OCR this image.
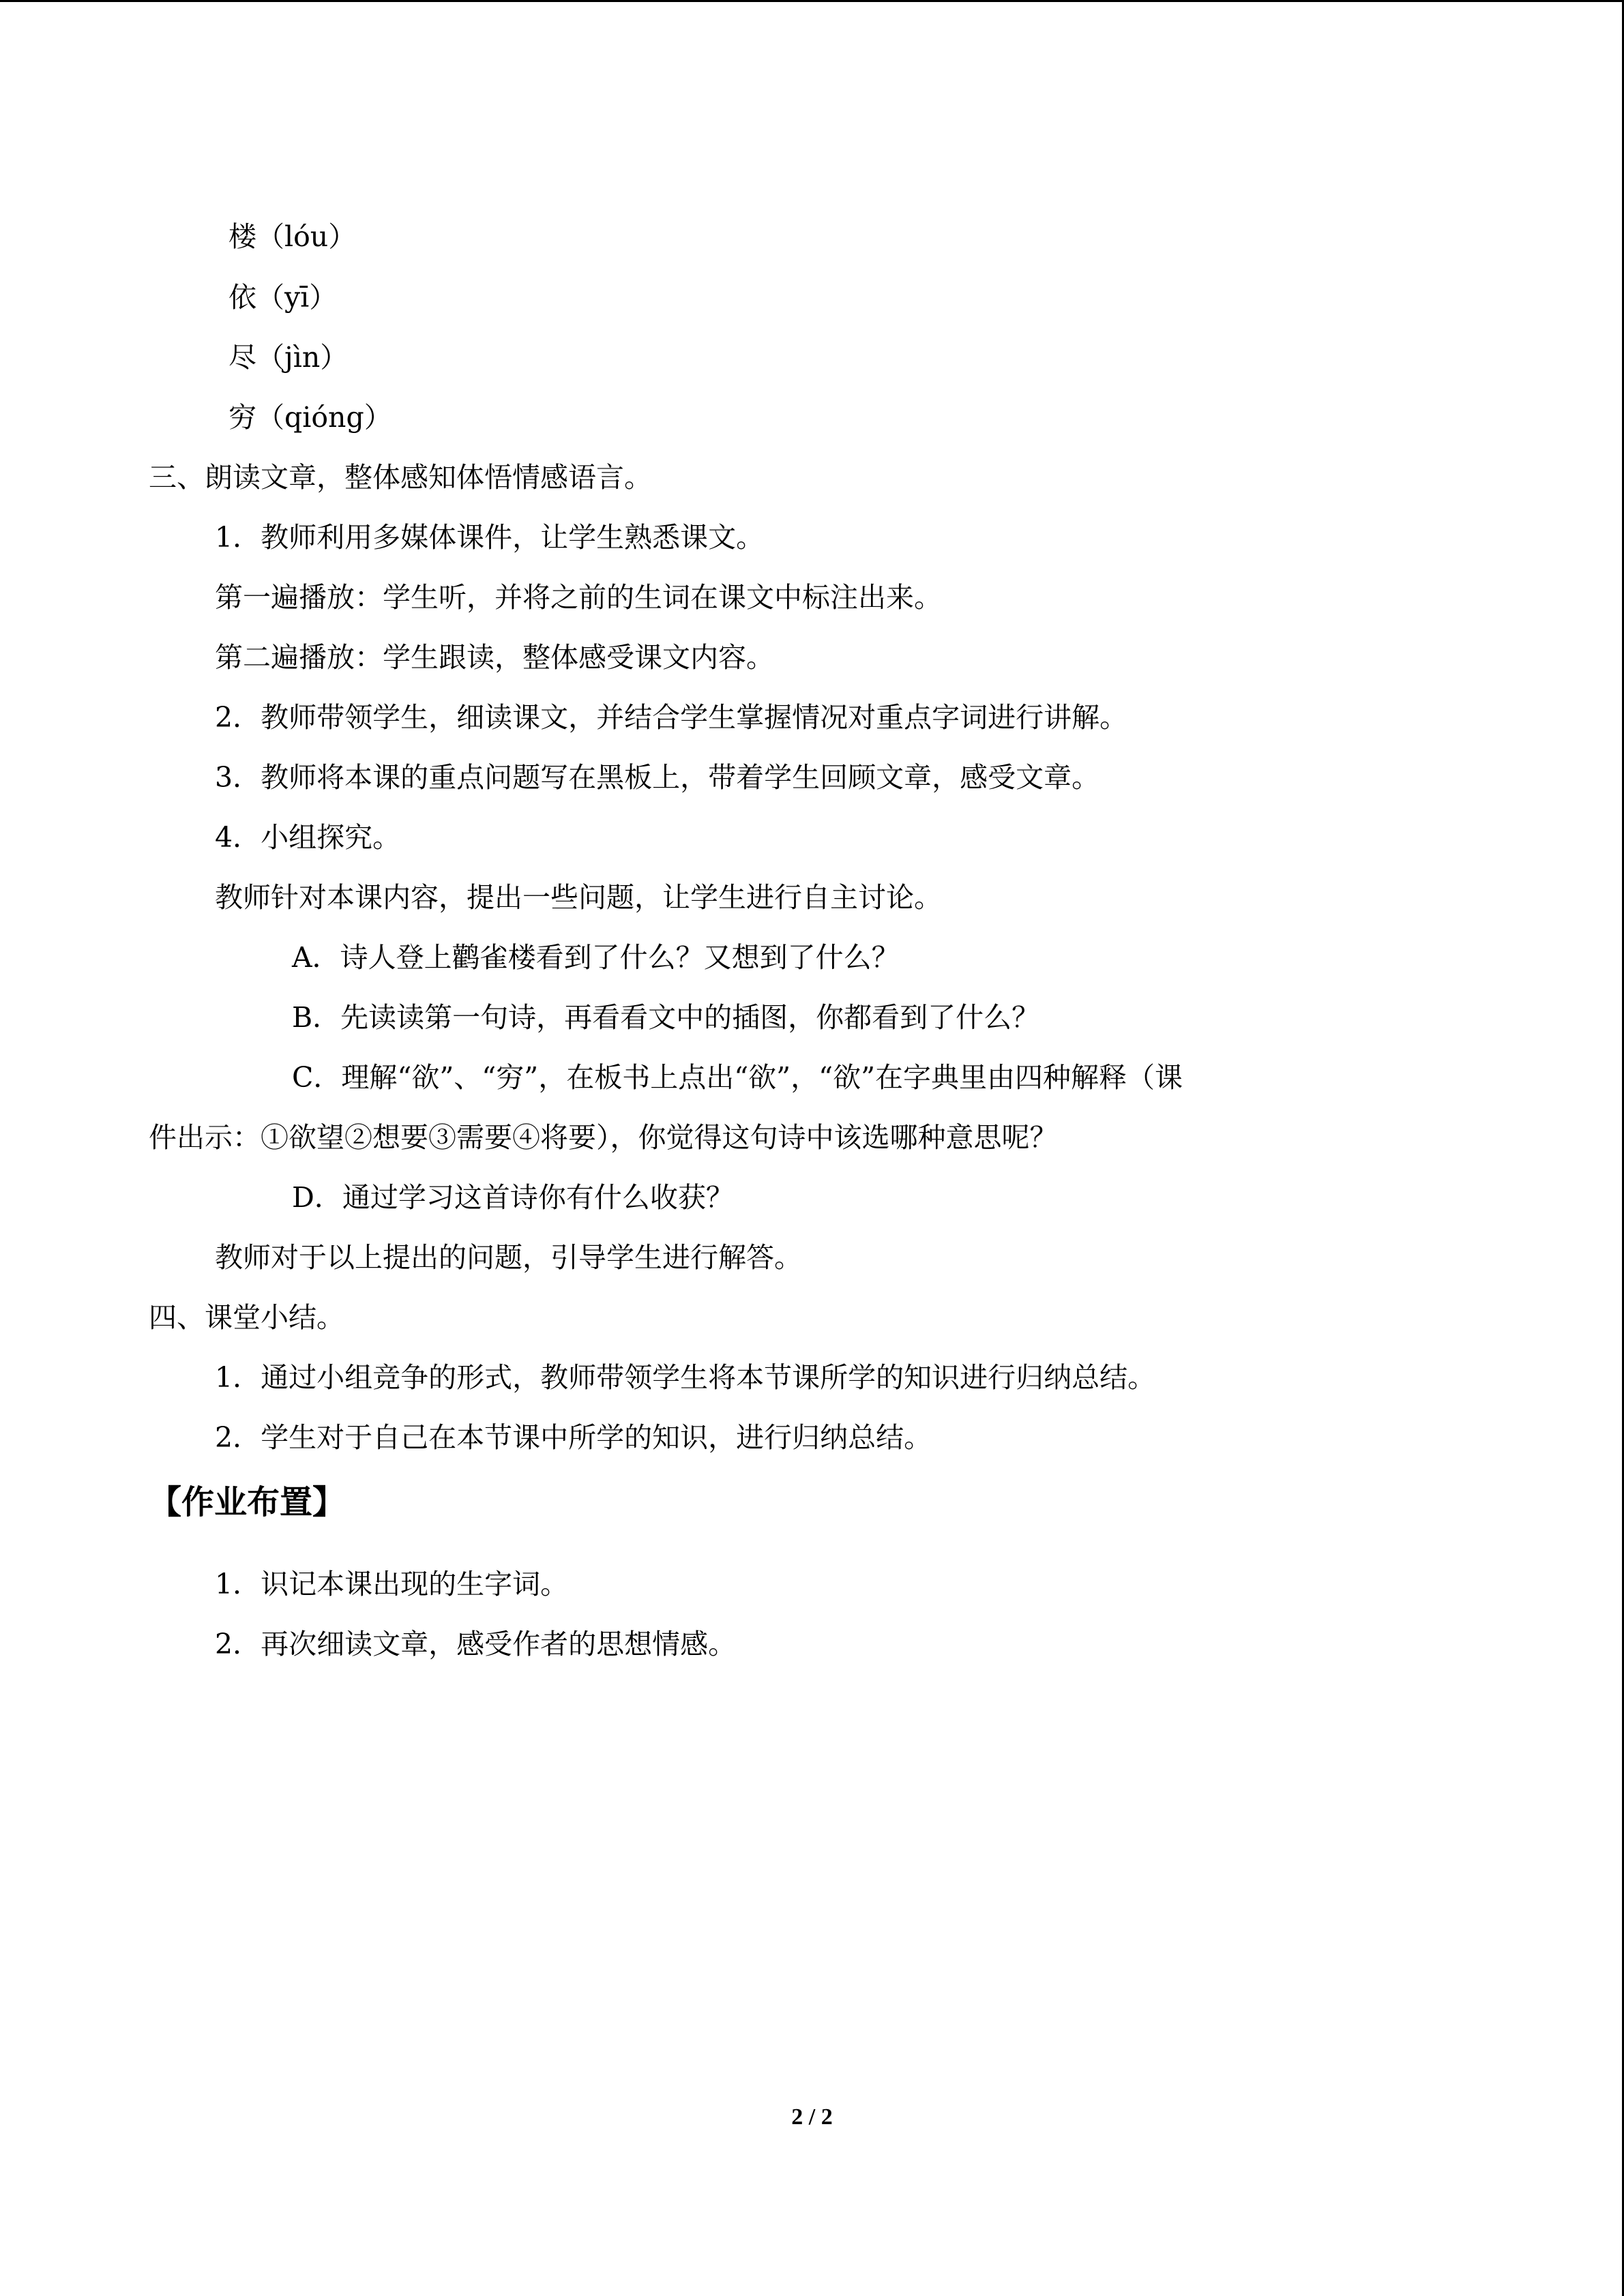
楼（lóu）
依（yī）
尽（jìn）
穷（qióng）
三、朗读文章，整体感知体悟情感语言。
1．教师利用多媒体课件，让学生熟悉课文。
第一遍播放：学生听，并将之前的生词在课文中标注出来。
第二遍播放：学生跟读，整体感受课文内容。
2．教师带领学生，细读课文，并结合学生掌握情况对重点字词进行讲解。
3．教师将本课的重点问题写在黑板上，带着学生回顾文章，感受文章。
4．小组探究。
教师针对本课内容，提出一些问题，让学生进行自主讨论。
A．诗人登上鹳雀楼看到了什么？又想到了什么？
B．先读读第一句诗，再看看文中的插图，你都看到了什么？
C．理解“欲”、“穷”，在板书上点出“欲”，“欲”在字典里由四种解释（课
件出示：①欲望②想要③需要④将要），你觉得这句诗中该选哪种意思呢？
D．通过学习这首诗你有什么收获？
教师对于以上提出的问题，引导学生进行解答。
四、课堂小结。
1．通过小组竞争的形式，教师带领学生将本节课所学的知识进行归纳总结。
2．学生对于自己在本节课中所学的知识，进行归纳总结。
【作业布置】
1．识记本课出现的生字词。
2．再次细读文章，感受作者的思想情感。
2 / 2
